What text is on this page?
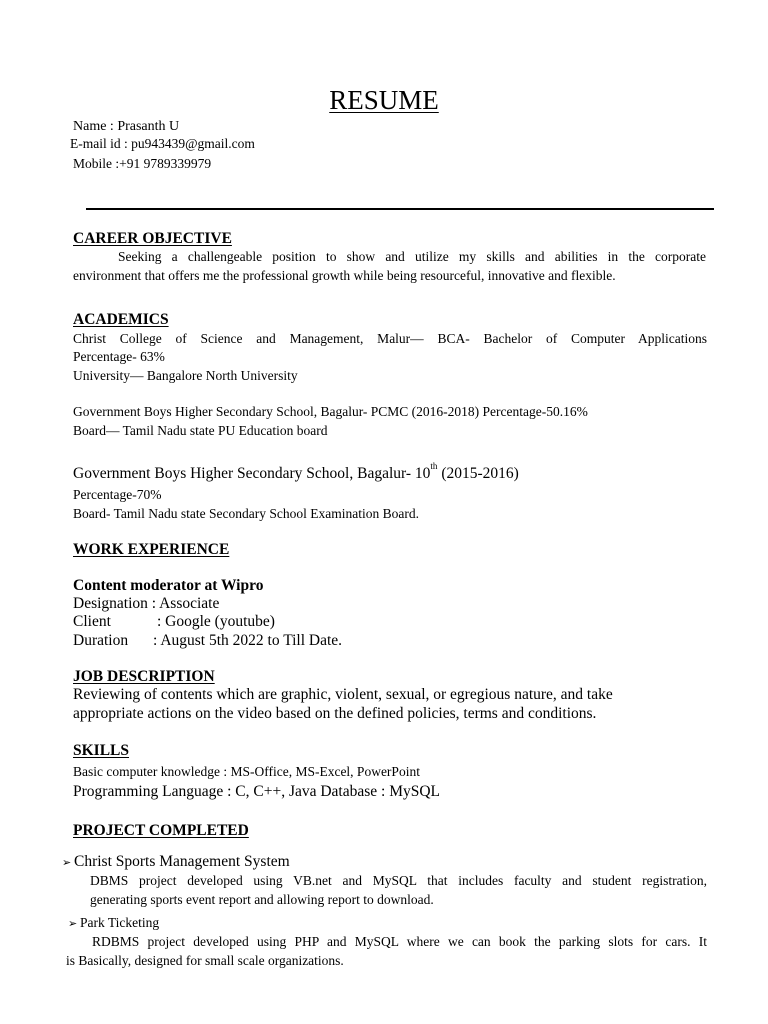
RESUME
Name : Prasanth U
E-mail id : pu943439@gmail.com
Mobile :+91 9789339979
CAREER OBJECTIVE
Seeking a challengeable position to show and utilize my skills and abilities in the corporate
environment that offers me the professional growth while being resourceful, innovative and flexible.
ACADEMICS
Christ College of Science and Management, Malur— BCA- Bachelor of Computer Applications
Percentage- 63%
University— Bangalore North University
Government Boys Higher Secondary School, Bagalur- PCMC (2016-2018) Percentage-50.16%
Board— Tamil Nadu state PU Education board
Government Boys Higher Secondary School, Bagalur- 10th (2015-2016)
Percentage-70%
Board- Tamil Nadu state Secondary School Examination Board.
WORK EXPERIENCE
Content moderator at Wipro
Designation : Associate
Client	: Google (youtube)
Duration : August 5th 2022 to Till Date.
JOB DESCRIPTION
Reviewing of contents which are graphic, violent, sexual, or egregious nature, and take
appropriate actions on the video based on the defined policies, terms and conditions.
SKILLS
Basic computer knowledge : MS-Office, MS-Excel, PowerPoint
Programming Language : C, C++, Java Database : MySQL
PROJECT COMPLETED
➢ Christ Sports Management System
DBMS project developed using VB.net and MySQL that includes faculty and student registration,
generating sports event report and allowing report to download.
➢ Park Ticketing
RDBMS project developed using PHP and MySQL where we can book the parking slots for cars. It
is Basically, designed for small scale organizations.
